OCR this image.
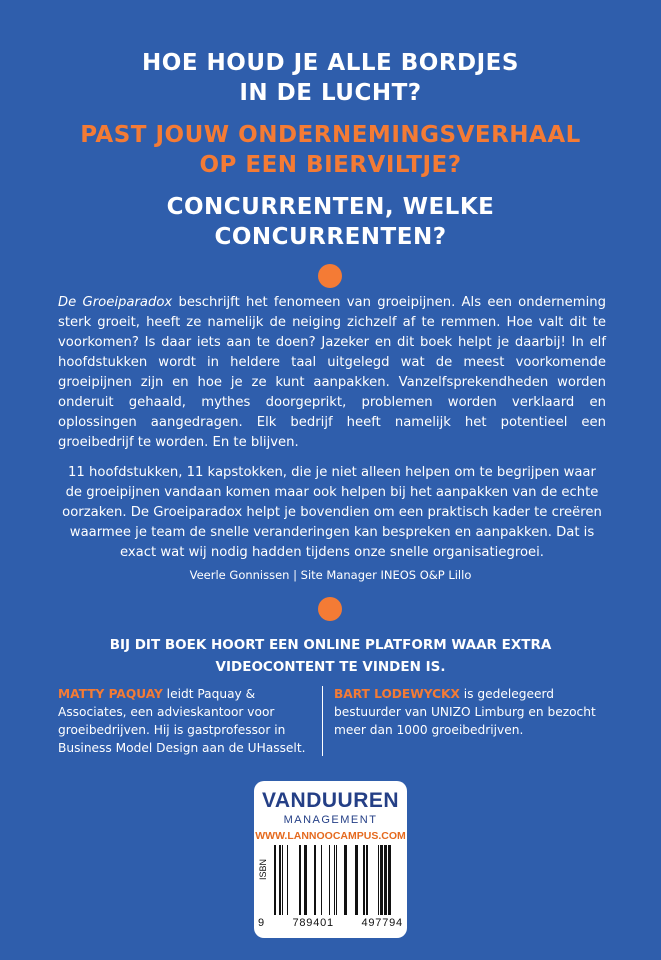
HOE HOUD JE ALLE BORDJES
IN DE LUCHT?
PAST JOUW ONDERNEMINGSVERHAAL
OP EEN BIERVILTJE?
CONCURRENTEN, WELKE
CONCURRENTEN?

De Groeiparadox beschrijft het fenomeen van groeipijnen. Als een onderneming sterk groeit, heeft ze namelijk de neiging zichzelf af te remmen. Hoe valt dit te voorkomen? Is daar iets aan te doen? Jazeker en dit boek helpt je daarbij! In elf hoofdstukken wordt in heldere taal uitgelegd wat de meest voorkomende groeipijnen zijn en hoe je ze kunt aanpakken. Vanzelfsprekendheden worden onderuit gehaald, mythes doorgeprikt, problemen worden verklaard en oplossingen aangedragen. Elk bedrijf heeft namelijk het potentieel een groeibedrijf te worden. En te blijven.

11 hoofdstukken, 11 kapstokken, die je niet alleen helpen om te begrijpen waar de groeipijnen vandaan komen maar ook helpen bij het aanpakken van de echte oorzaken. De Groeiparadox helpt je bovendien om een praktisch kader te creëren waarmee je team de snelle veranderingen kan bespreken en aanpakken. Dat is exact wat wij nodig hadden tijdens onze snelle organisatiegroei.

Veerle Gonnissen | Site Manager INEOS O&P Lillo

BIJ DIT BOEK HOORT EEN ONLINE PLATFORM WAAR EXTRA
VIDEOCONTENT TE VINDEN IS.

MATTY PAQUAY leidt Paquay & Associates, een advieskantoor voor groeibedrijven. Hij is gastprofessor in Business Model Design aan de UHasselt.

BART LODEWYCKX is gedelegeerd bestuurder van UNIZO Limburg en bezocht meer dan 1000 groeibedrijven.

VANDUUREN
MANAGEMENT
WWW.LANNOOCAMPUS.COM
ISBN
9	789401	497794
